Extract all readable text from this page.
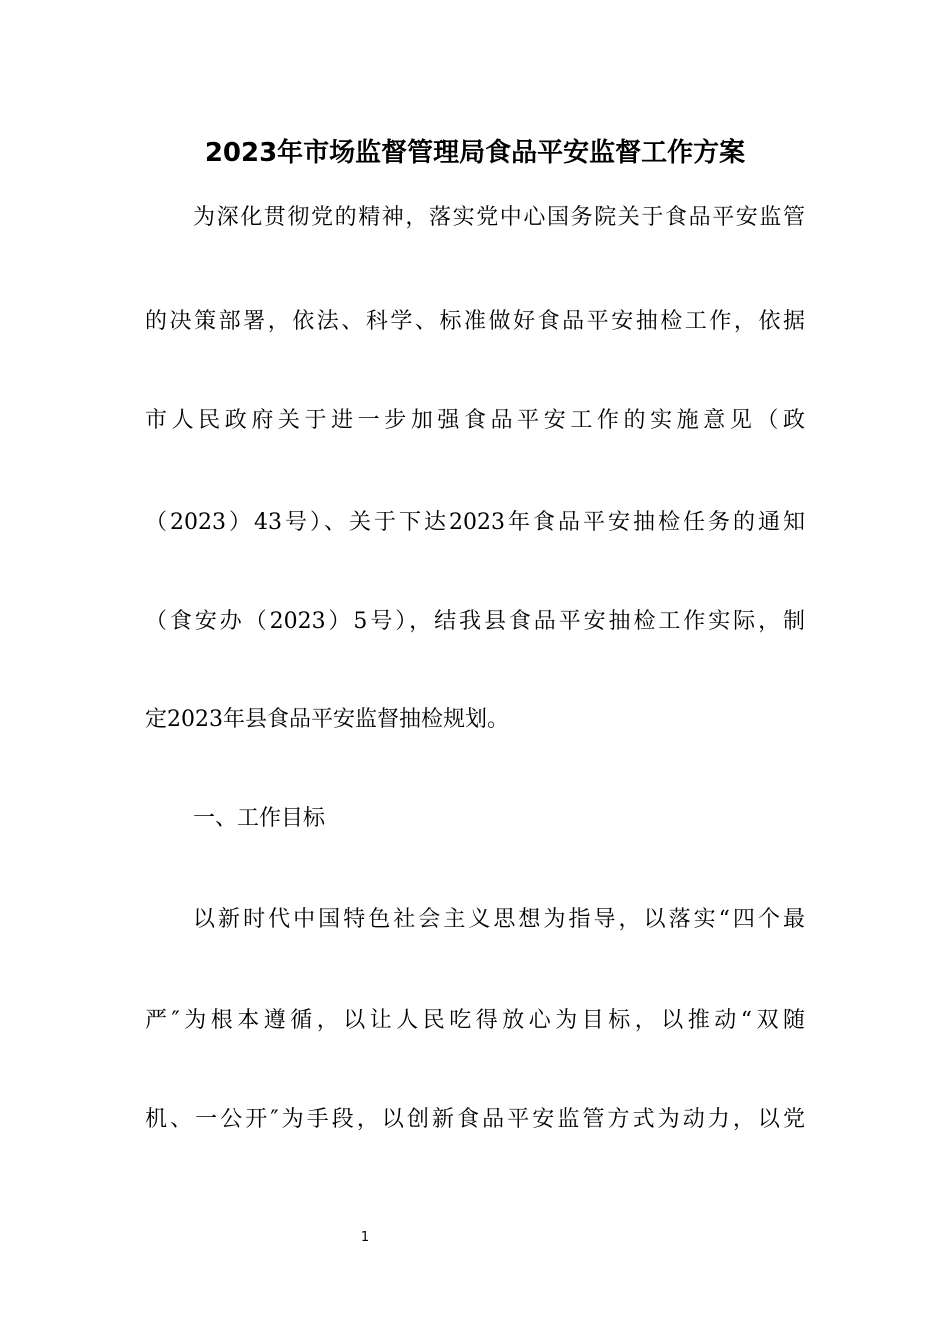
2023年市场监督管理局食品平安监督工作方案

为深化贯彻党的精神，落实党中心国务院关于食品平安监管

的决策部署，依法、科学、标准做好食品平安抽检工作，依据

市人民政府关于进一步加强食品平安工作的实施意见（政

（2023）43号）、关于下达2023年食品平安抽检任务的通知

（食安办（2023）5号），结我县食品平安抽检工作实际，制

定2023年县食品平安监督抽检规划。

一、工作目标

以新时代中国特色社会主义思想为指导，以落实“四个最

严″为根本遵循，以让人民吃得放心为目标，以推动“双随

机、一公开″为手段，以创新食品平安监管方式为动力，以党

1
